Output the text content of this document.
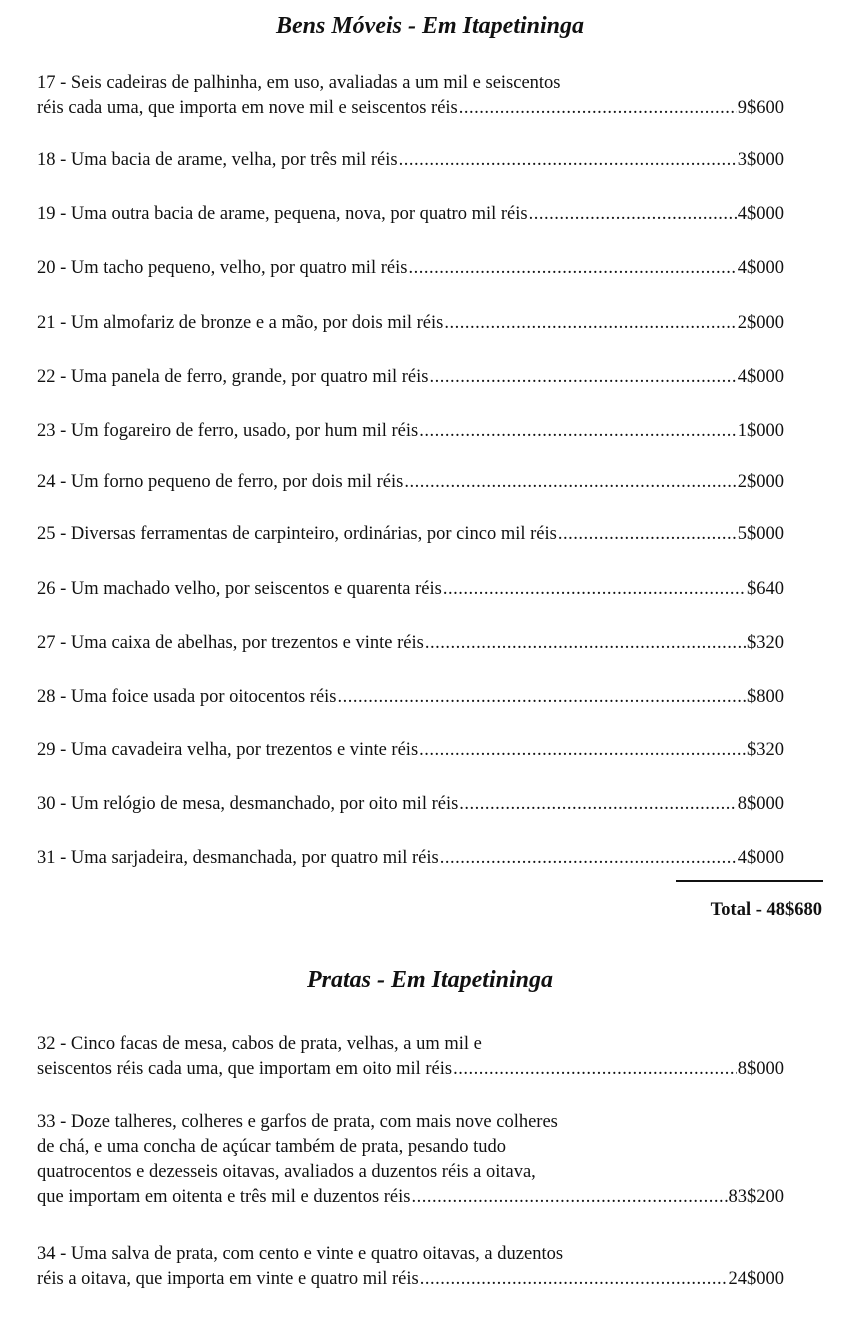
Bens Móveis - Em Itapetininga
17 - Seis cadeiras de palhinha, em uso, avaliadas a um mil e seiscentos
réis cada uma, que importa em nove mil e seiscentos réis .....	9$600
18 - Uma bacia de arame, velha, por três mil réis .....	3$000
19 - Uma outra bacia de arame, pequena, nova, por quatro mil réis .....	4$000
20 - Um tacho pequeno, velho, por quatro mil réis .....	4$000
21 - Um almofariz de bronze e a mão, por dois mil réis .....	2$000
22 - Uma panela de ferro, grande, por quatro mil réis .....	4$000
23 - Um fogareiro de ferro, usado, por hum mil réis .....	1$000
24 - Um forno pequeno de ferro, por dois mil réis .....	2$000
25 - Diversas ferramentas de carpinteiro, ordinárias, por cinco mil réis .....	5$000
26 - Um machado velho, por seiscentos e quarenta réis .....	$640
27 - Uma caixa de abelhas, por trezentos e vinte réis .....	$320
28 - Uma foice usada por oitocentos réis .....	$800
29 - Uma cavadeira velha, por trezentos e vinte réis .....	$320
30 - Um relógio de mesa, desmanchado, por oito mil réis .....	8$000
31 - Uma sarjadeira, desmanchada, por quatro mil réis .....	4$000
Total - 48$680
Pratas - Em Itapetininga
32 - Cinco facas de mesa, cabos de prata, velhas, a um mil e
seiscentos réis cada uma, que importam em oito mil réis .....	8$000
33 - Doze talheres, colheres e garfos de prata, com mais nove colheres
de chá, e uma concha de açúcar também de prata, pesando tudo
quatrocentos e dezesseis oitavas, avaliados a duzentos réis a oitava,
que importam em oitenta e três mil e duzentos réis .....	83$200
34 - Uma salva de prata, com cento e vinte e quatro oitavas, a duzentos
réis a oitava, que importa em vinte e quatro mil réis .....	24$000
